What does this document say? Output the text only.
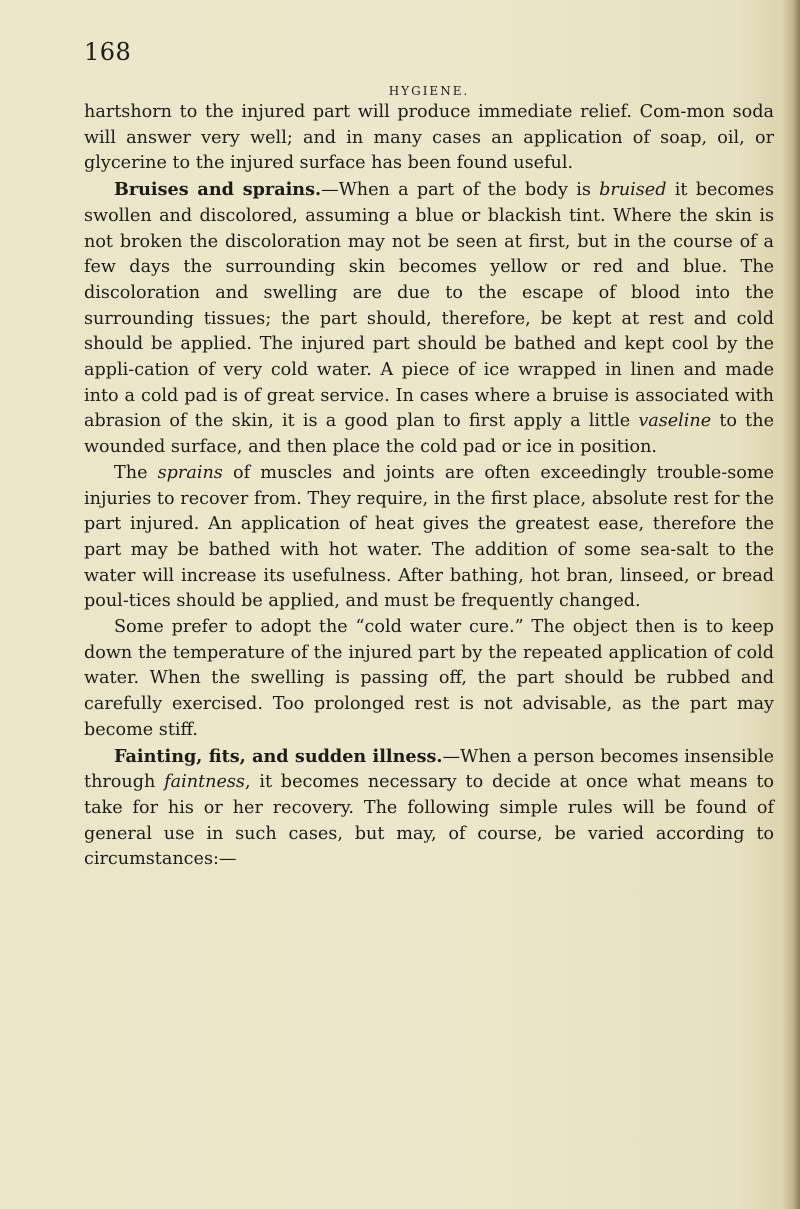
168
HYGIENE.

hartshorn to the injured part will produce immediate relief. Com-mon soda will answer very well; and in many cases an application of soap, oil, or glycerine to the injured surface has been found useful.

Bruises and sprains.—When a part of the body is bruised it becomes swollen and discolored, assuming a blue or blackish tint. Where the skin is not broken the discoloration may not be seen at first, but in the course of a few days the surrounding skin becomes yellow or red and blue. The discoloration and swelling are due to the escape of blood into the surrounding tissues; the part should, therefore, be kept at rest and cold should be applied. The injured part should be bathed and kept cool by the appli-cation of very cold water. A piece of ice wrapped in linen and made into a cold pad is of great service. In cases where a bruise is associated with abrasion of the skin, it is a good plan to first apply a little vaseline to the wounded surface, and then place the cold pad or ice in position.

The sprains of muscles and joints are often exceedingly trouble-some injuries to recover from. They require, in the first place, absolute rest for the part injured. An application of heat gives the greatest ease, therefore the part may be bathed with hot water. The addition of some sea-salt to the water will increase its usefulness. After bathing, hot bran, linseed, or bread poul-tices should be applied, and must be frequently changed.

Some prefer to adopt the “cold water cure.” The object then is to keep down the temperature of the injured part by the repeated application of cold water. When the swelling is passing off, the part should be rubbed and carefully exercised. Too prolonged rest is not advisable, as the part may become stiff.

Fainting, fits, and sudden illness.—When a person becomes insensible through faintness, it becomes necessary to decide at once what means to take for his or her recovery. The following simple rules will be found of general use in such cases, but may, of course, be varied according to circumstances:—
